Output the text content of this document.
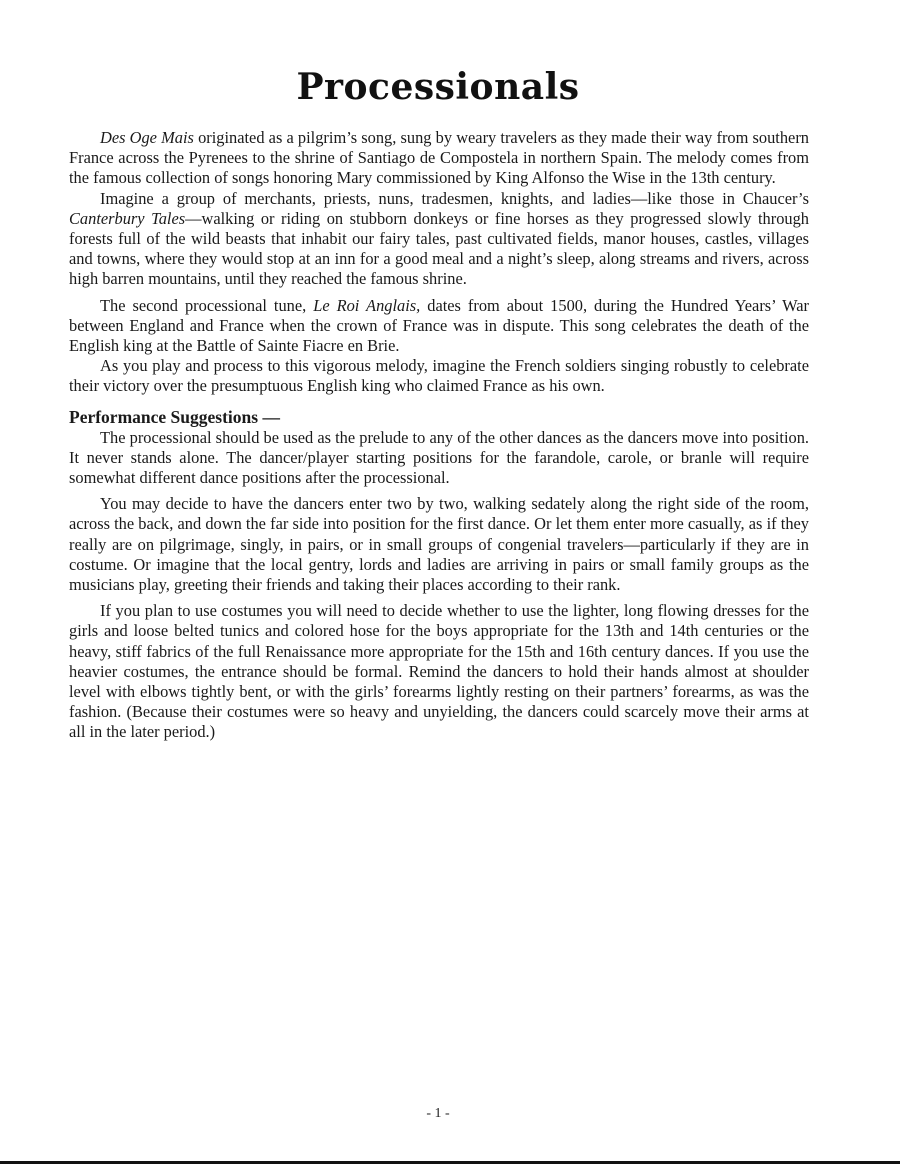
Processionals

Des Oge Mais originated as a pilgrim’s song, sung by weary travelers as they made their way from southern France across the Pyrenees to the shrine of Santiago de Compostela in northern Spain. The melody comes from the famous collection of songs honoring Mary commissioned by King Alfonso the Wise in the 13th century.

Imagine a group of merchants, priests, nuns, tradesmen, knights, and ladies—like those in Chaucer’s Canterbury Tales—walking or riding on stubborn donkeys or fine horses as they progressed slowly through forests full of the wild beasts that inhabit our fairy tales, past cultivated fields, manor houses, castles, villages and towns, where they would stop at an inn for a good meal and a night’s sleep, along streams and rivers, across high barren mountains, until they reached the famous shrine.

The second processional tune, Le Roi Anglais, dates from about 1500, during the Hundred Years’ War between England and France when the crown of France was in dispute. This song celebrates the death of the English king at the Battle of Sainte Fiacre en Brie.

As you play and process to this vigorous melody, imagine the French soldiers singing robustly to celebrate their victory over the presumptuous English king who claimed France as his own.

Performance Suggestions —

The processional should be used as the prelude to any of the other dances as the dancers move into position. It never stands alone. The dancer/player starting positions for the farandole, carole, or branle will require somewhat different dance positions after the processional.

You may decide to have the dancers enter two by two, walking sedately along the right side of the room, across the back, and down the far side into position for the first dance. Or let them enter more casually, as if they really are on pilgrimage, singly, in pairs, or in small groups of congenial travelers—particularly if they are in costume. Or imagine that the local gentry, lords and ladies are arriving in pairs or small family groups as the musicians play, greeting their friends and taking their places according to their rank.

If you plan to use costumes you will need to decide whether to use the lighter, long flowing dresses for the girls and loose belted tunics and colored hose for the boys appropriate for the 13th and 14th centuries or the heavy, stiff fabrics of the full Renaissance more appropriate for the 15th and 16th century dances. If you use the heavier costumes, the entrance should be formal. Remind the dancers to hold their hands almost at shoulder level with elbows tightly bent, or with the girls’ forearms lightly resting on their partners’ forearms, as was the fashion. (Because their costumes were so heavy and unyielding, the dancers could scarcely move their arms at all in the later period.)

- 1 -
